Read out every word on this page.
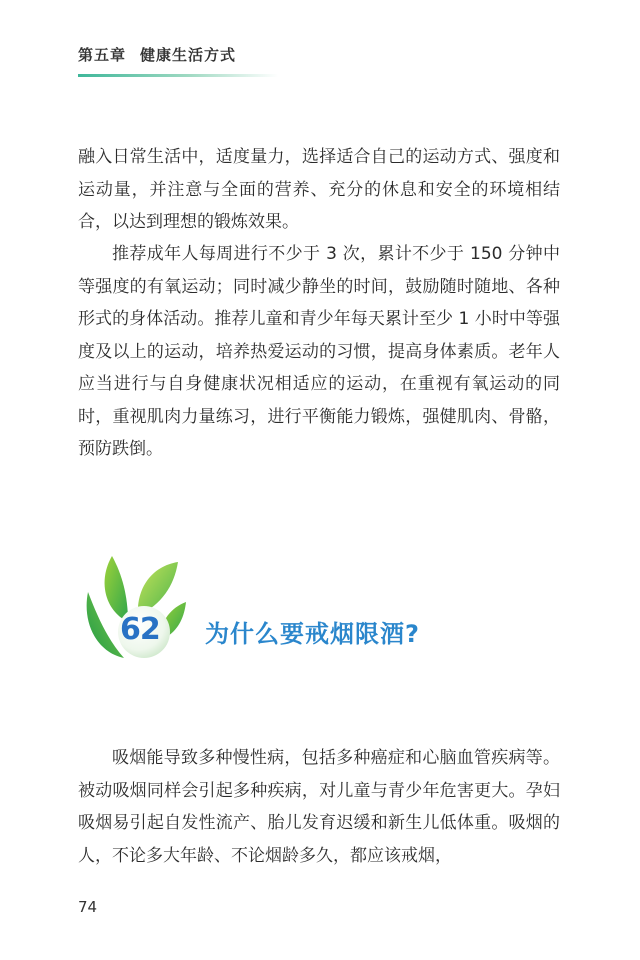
第五章 健康生活方式

融入日常生活中，适度量力，选择适合自己的运动方式、强度和运动量，并注意与全面的营养、充分的休息和安全的环境相结合，以达到理想的锻炼效果。

推荐成年人每周进行不少于 3 次，累计不少于 150 分钟中等强度的有氧运动；同时减少静坐的时间，鼓励随时随地、各种形式的身体活动。推荐儿童和青少年每天累计至少 1 小时中等强度及以上的运动，培养热爱运动的习惯，提高身体素质。老年人应当进行与自身健康状况相适应的运动，在重视有氧运动的同时，重视肌肉力量练习，进行平衡能力锻炼，强健肌肉、骨骼，预防跌倒。

62 为什么要戒烟限酒?

吸烟能导致多种慢性病，包括多种癌症和心脑血管疾病等。被动吸烟同样会引起多种疾病，对儿童与青少年危害更大。孕妇吸烟易引起自发性流产、胎儿发育迟缓和新生儿低体重。吸烟的人，不论多大年龄、不论烟龄多久，都应该戒烟，

74
